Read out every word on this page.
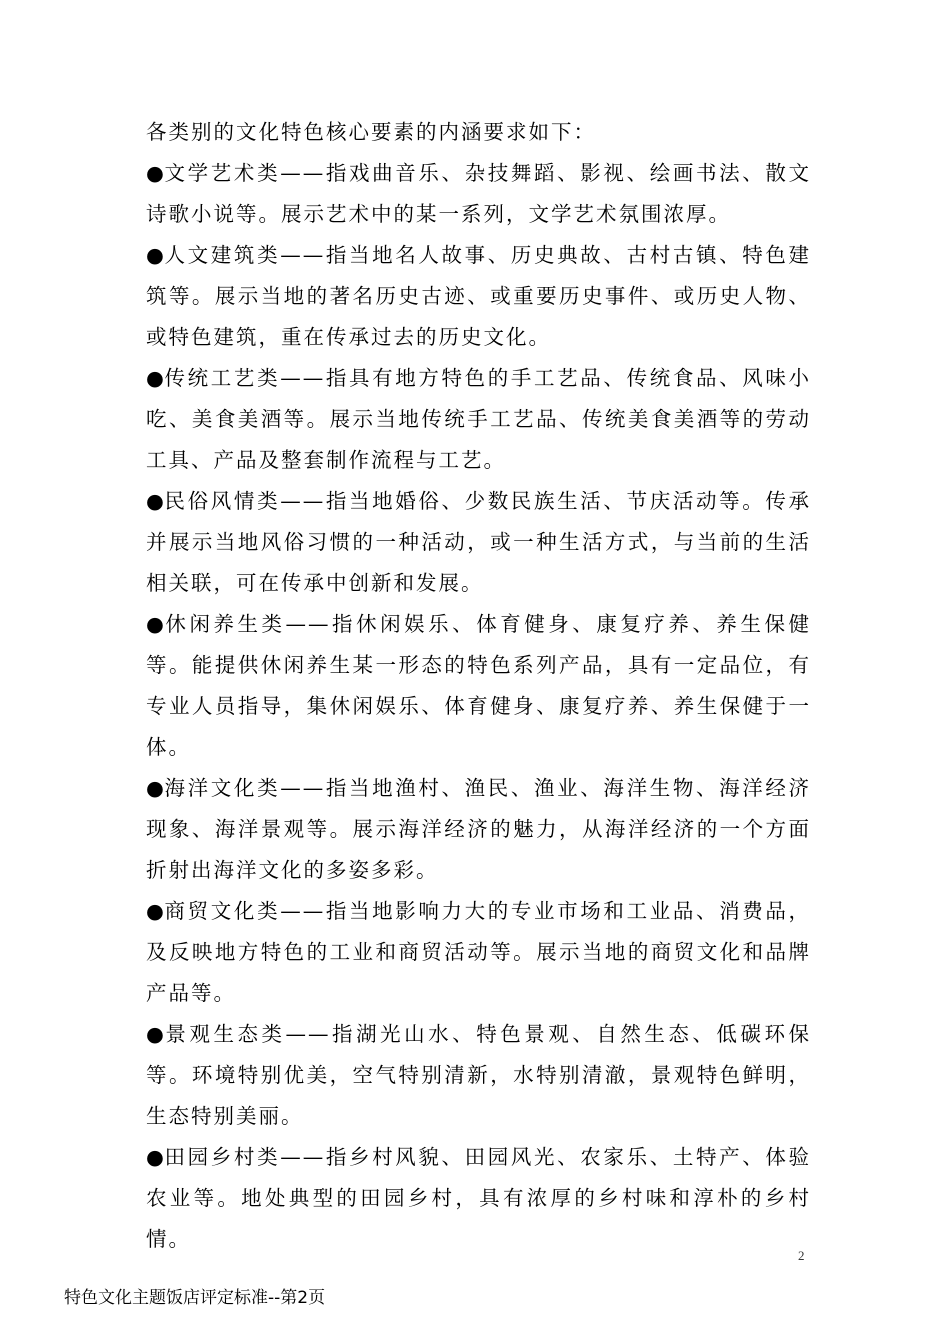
各类别的文化特色核心要素的内涵要求如下：

●文学艺术类——指戏曲音乐、杂技舞蹈、影视、绘画书法、散文诗歌小说等。展示艺术中的某一系列，文学艺术氛围浓厚。

●人文建筑类——指当地名人故事、历史典故、古村古镇、特色建筑等。展示当地的著名历史古迹、或重要历史事件、或历史人物、或特色建筑，重在传承过去的历史文化。

●传统工艺类——指具有地方特色的手工艺品、传统食品、风味小吃、美食美酒等。展示当地传统手工艺品、传统美食美酒等的劳动工具、产品及整套制作流程与工艺。

●民俗风情类——指当地婚俗、少数民族生活、节庆活动等。传承并展示当地风俗习惯的一种活动，或一种生活方式，与当前的生活相关联，可在传承中创新和发展。

●休闲养生类——指休闲娱乐、体育健身、康复疗养、养生保健等。能提供休闲养生某一形态的特色系列产品，具有一定品位，有专业人员指导，集休闲娱乐、体育健身、康复疗养、养生保健于一体。

●海洋文化类——指当地渔村、渔民、渔业、海洋生物、海洋经济现象、海洋景观等。展示海洋经济的魅力，从海洋经济的一个方面折射出海洋文化的多姿多彩。

●商贸文化类——指当地影响力大的专业市场和工业品、消费品，及反映地方特色的工业和商贸活动等。展示当地的商贸文化和品牌产品等。

●景观生态类——指湖光山水、特色景观、自然生态、低碳环保等。环境特别优美，空气特别清新，水特别清澈，景观特色鲜明，生态特别美丽。

●田园乡村类——指乡村风貌、田园风光、农家乐、土特产、体验农业等。地处典型的田园乡村，具有浓厚的乡村味和淳朴的乡村情。

2
特色文化主题饭店评定标准--第2页
